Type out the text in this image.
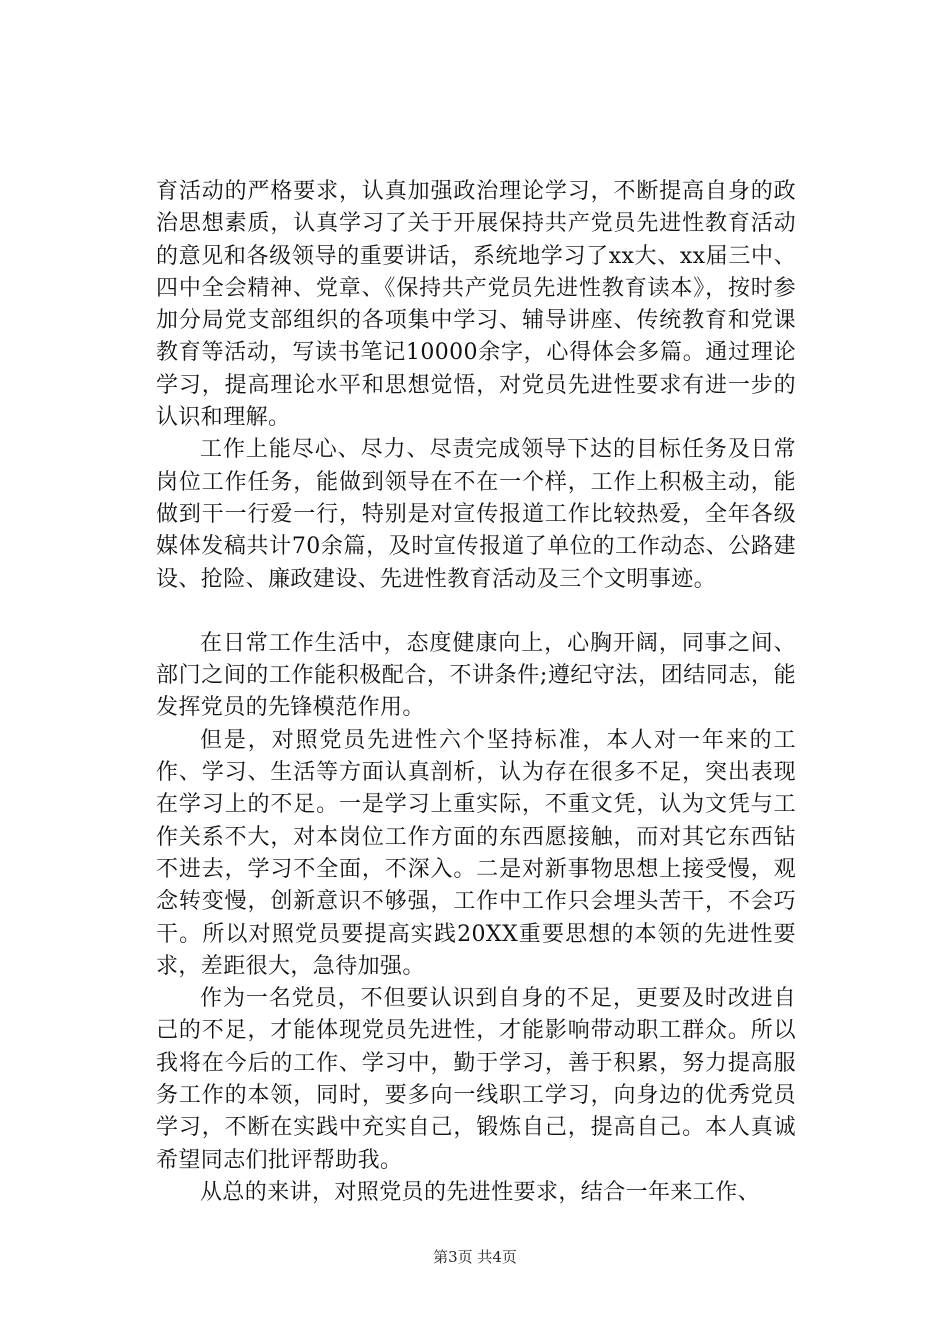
育活动的严格要求，认真加强政治理论学习，不断提高自身的政治思想素质，认真学习了关于开展保持共产党员先进性教育活动的意见和各级领导的重要讲话，系统地学习了xx大、xx届三中、四中全会精神、党章、《保持共产党员先进性教育读本》，按时参加分局党支部组织的各项集中学习、辅导讲座、传统教育和党课教育等活动，写读书笔记10000余字，心得体会多篇。通过理论学习，提高理论水平和思想觉悟，对党员先进性要求有进一步的认识和理解。

工作上能尽心、尽力、尽责完成领导下达的目标任务及日常岗位工作任务，能做到领导在不在一个样，工作上积极主动，能做到干一行爱一行，特别是对宣传报道工作比较热爱，全年各级媒体发稿共计70余篇，及时宣传报道了单位的工作动态、公路建设、抢险、廉政建设、先进性教育活动及三个文明事迹。

在日常工作生活中，态度健康向上，心胸开阔，同事之间、部门之间的工作能积极配合，不讲条件;遵纪守法，团结同志，能发挥党员的先锋模范作用。

但是，对照党员先进性六个坚持标准，本人对一年来的工作、学习、生活等方面认真剖析，认为存在很多不足，突出表现在学习上的不足。一是学习上重实际，不重文凭，认为文凭与工作关系不大，对本岗位工作方面的东西愿接触，而对其它东西钻不进去，学习不全面，不深入。二是对新事物思想上接受慢，观念转变慢，创新意识不够强，工作中工作只会埋头苦干，不会巧干。所以对照党员要提高实践20XX重要思想的本领的先进性要求，差距很大，急待加强。

作为一名党员，不但要认识到自身的不足，更要及时改进自己的不足，才能体现党员先进性，才能影响带动职工群众。所以我将在今后的工作、学习中，勤于学习，善于积累，努力提高服务工作的本领，同时，要多向一线职工学习，向身边的优秀党员学习，不断在实践中充实自己，锻炼自己，提高自己。本人真诚希望同志们批评帮助我。

从总的来讲，对照党员的先进性要求，结合一年来工作、

第3页 共4页
